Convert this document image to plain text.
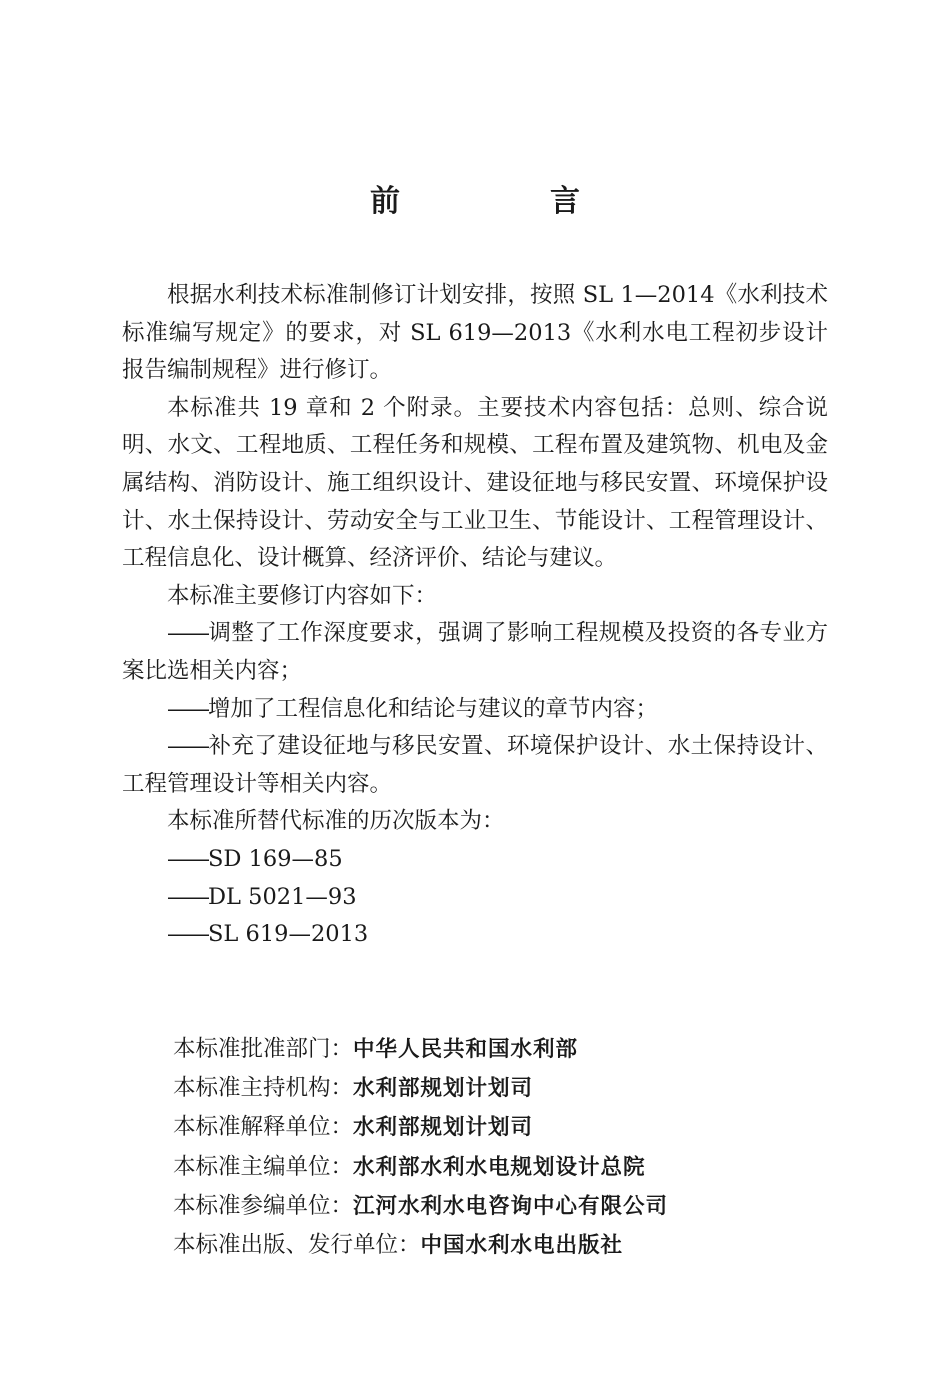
前　言

根据水利技术标准制修订计划安排，按照 SL 1—2014《水利技术标准编写规定》的要求，对 SL 619—2013《水利水电工程初步设计报告编制规程》进行修订。

本标准共 19 章和 2 个附录。主要技术内容包括：总则、综合说明、水文、工程地质、工程任务和规模、工程布置及建筑物、机电及金属结构、消防设计、施工组织设计、建设征地与移民安置、环境保护设计、水土保持设计、劳动安全与工业卫生、节能设计、工程管理设计、工程信息化、设计概算、经济评价、结论与建议。

本标准主要修订内容如下：

——调整了工作深度要求，强调了影响工程规模及投资的各专业方案比选相关内容；

——增加了工程信息化和结论与建议的章节内容；

——补充了建设征地与移民安置、环境保护设计、水土保持设计、工程管理设计等相关内容。

本标准所替代标准的历次版本为：

——SD 169—85

——DL 5021—93

——SL 619—2013

本标准批准部门：中华人民共和国水利部
本标准主持机构：水利部规划计划司
本标准解释单位：水利部规划计划司
本标准主编单位：水利部水利水电规划设计总院
本标准参编单位：江河水利水电咨询中心有限公司
本标准出版、发行单位：中国水利水电出版社
